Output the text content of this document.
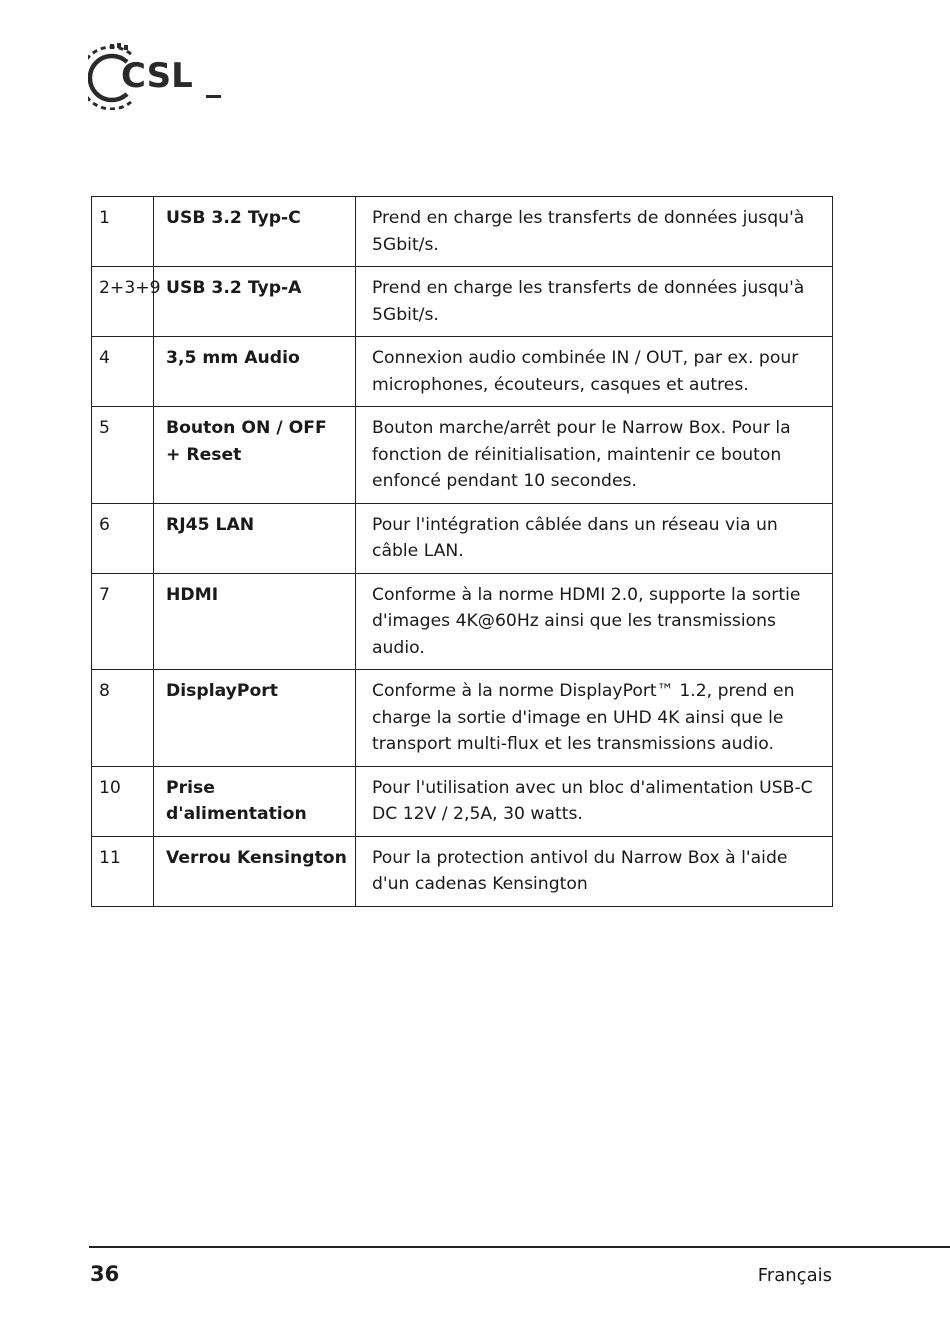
CSL
1	USB 3.2 Typ-C	Prend en charge les transferts de données jusqu'à 5Gbit/s.
2+3+9	USB 3.2 Typ-A	Prend en charge les transferts de données jusqu'à 5Gbit/s.
4	3,5 mm Audio	Connexion audio combinée IN / OUT, par ex. pour microphones, écouteurs, casques et autres.
5	Bouton ON / OFF + Reset	Bouton marche/arrêt pour le Narrow Box. Pour la fonction de réinitialisation, maintenir ce bouton enfoncé pendant 10 secondes.
6	RJ45 LAN	Pour l'intégration câblée dans un réseau via un câble LAN.
7	HDMI	Conforme à la norme HDMI 2.0, supporte la sortie d'images 4K@60Hz ainsi que les transmissions audio.
8	DisplayPort	Conforme à la norme DisplayPort™ 1.2, prend en charge la sortie d'image en UHD 4K ainsi que le transport multi-flux et les transmissions audio.
10	Prise d'alimentation	Pour l'utilisation avec un bloc d'alimentation USB-C DC 12V / 2,5A, 30 watts.
11	Verrou Kensington	Pour la protection antivol du Narrow Box à l'aide d'un cadenas Kensington
36	Français
